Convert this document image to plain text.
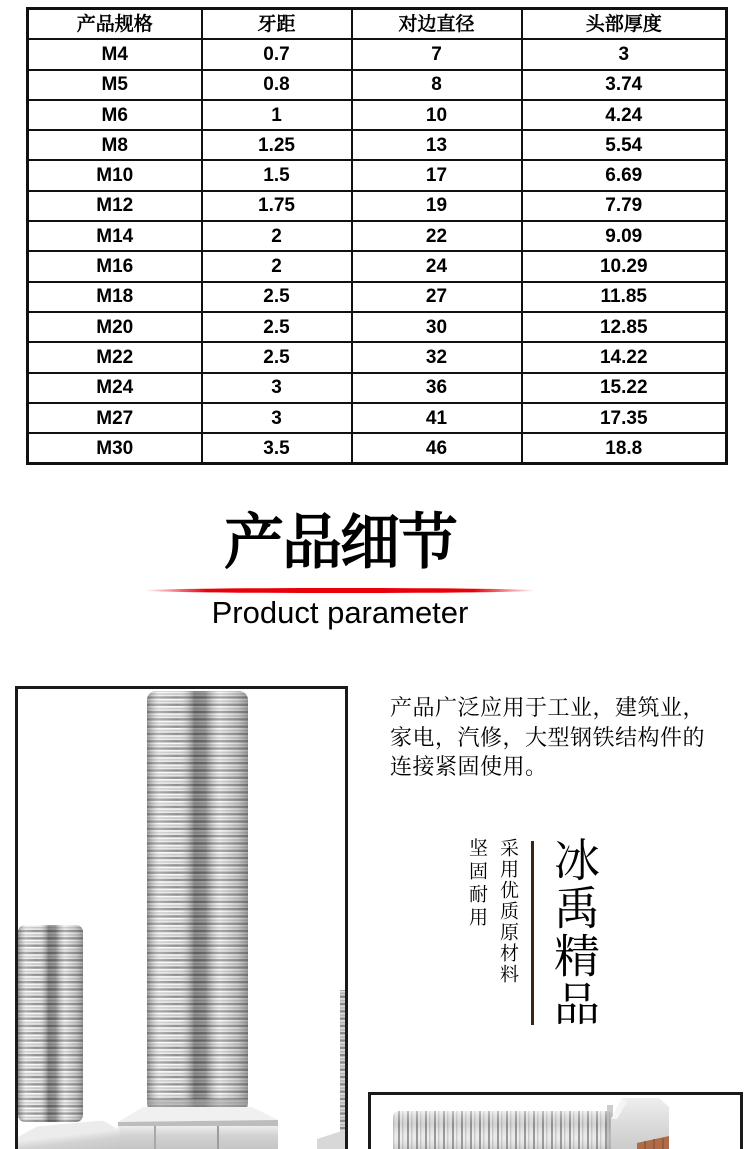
产品规格	牙距	对边直径	头部厚度
M4	0.7	7	3
M5	0.8	8	3.74
M6	1	10	4.24
M8	1.25	13	5.54
M10	1.5	17	6.69
M12	1.75	19	7.79
M14	2	22	9.09
M16	2	24	10.29
M18	2.5	27	11.85
M20	2.5	30	12.85
M22	2.5	32	14.22
M24	3	36	15.22
M27	3	41	17.35
M30	3.5	46	18.8
产品细节
Product parameter
产品广泛应用于工业，建筑业，
家电，汽修，大型钢铁结构件的
连接紧固使用。
坚固耐用 采用优质原材料 冰禹精品
